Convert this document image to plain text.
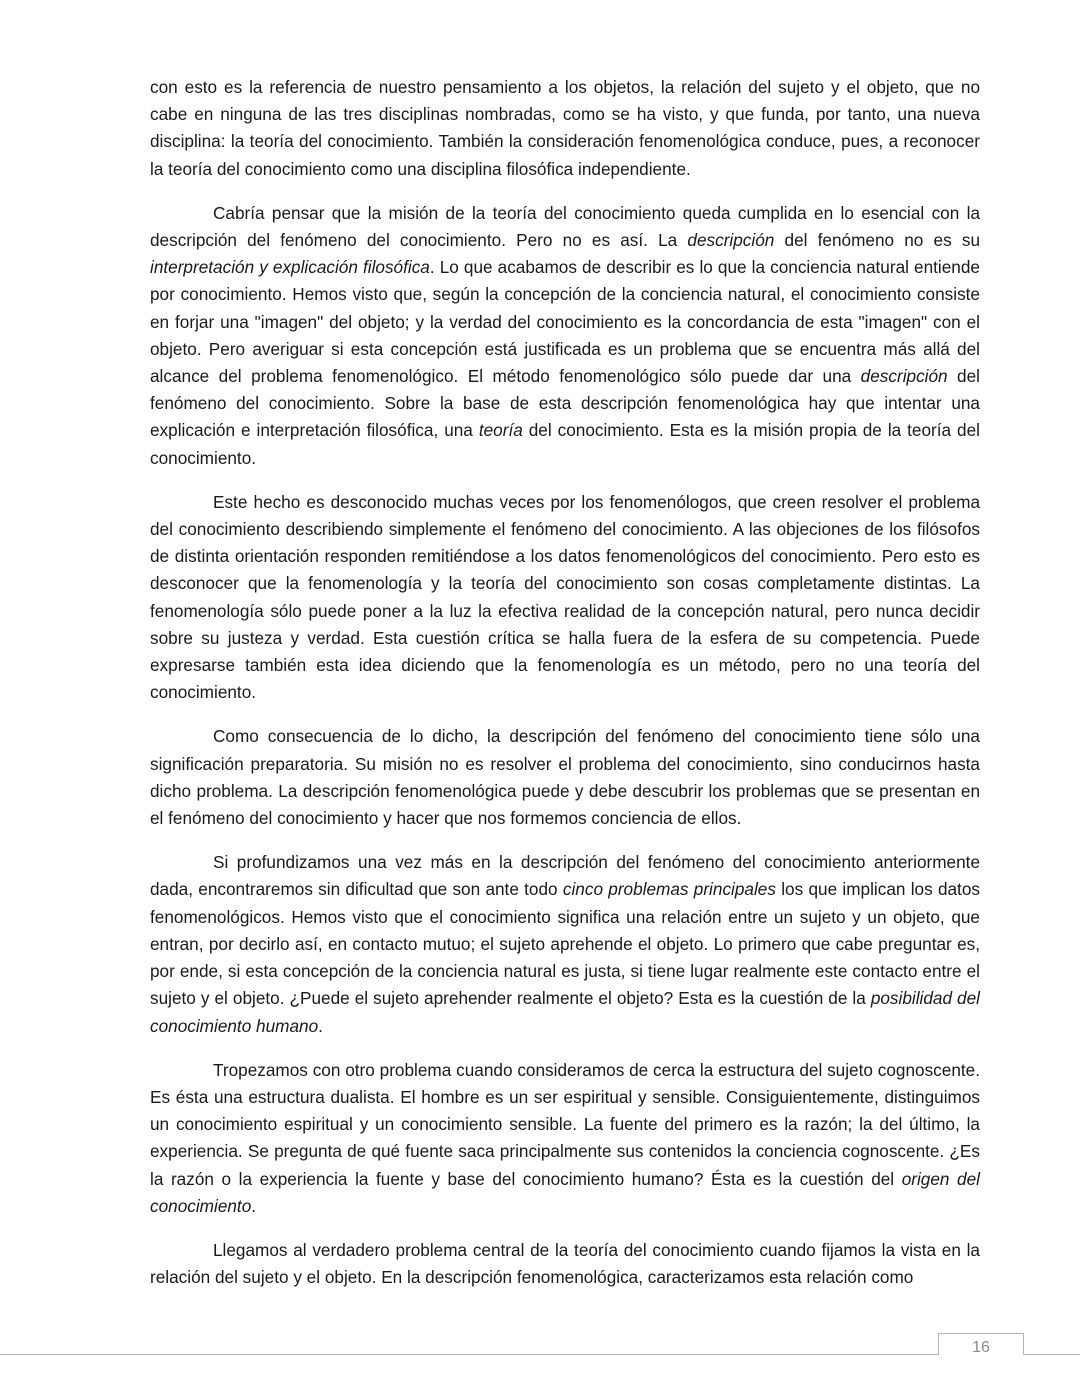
con esto es la referencia de nuestro pensamiento a los objetos, la relación del sujeto y el objeto, que no cabe en ninguna de las tres disciplinas nombradas, como se ha visto, y que funda, por tanto, una nueva disciplina: la teoría del conocimiento. También la consideración fenomenológica conduce, pues, a reconocer la teoría del conocimiento como una disciplina filosófica independiente.

Cabría pensar que la misión de la teoría del conocimiento queda cumplida en lo esencial con la descripción del fenómeno del conocimiento. Pero no es así. La descripción del fenómeno no es su interpretación y explicación filosófica. Lo que acabamos de describir es lo que la conciencia natural entiende por conocimiento. Hemos visto que, según la concepción de la conciencia natural, el conocimiento consiste en forjar una "imagen" del objeto; y la verdad del conocimiento es la concordancia de esta "imagen" con el objeto. Pero averiguar si esta concepción está justificada es un problema que se encuentra más allá del alcance del problema fenomenológico. El método fenomenológico sólo puede dar una descripción del fenómeno del conocimiento. Sobre la base de esta descripción fenomenológica hay que intentar una explicación e interpretación filosófica, una teoría del conocimiento. Esta es la misión propia de la teoría del conocimiento.

Este hecho es desconocido muchas veces por los fenomenólogos, que creen resolver el problema del conocimiento describiendo simplemente el fenómeno del conocimiento. A las objeciones de los filósofos de distinta orientación responden remitiéndose a los datos fenomenológicos del conocimiento. Pero esto es desconocer que la fenomenología y la teoría del conocimiento son cosas completamente distintas. La fenomenología sólo puede poner a la luz la efectiva realidad de la concepción natural, pero nunca decidir sobre su justeza y verdad. Esta cuestión crítica se halla fuera de la esfera de su competencia. Puede expresarse también esta idea diciendo que la fenomenología es un método, pero no una teoría del conocimiento.

Como consecuencia de lo dicho, la descripción del fenómeno del conocimiento tiene sólo una significación preparatoria. Su misión no es resolver el problema del conocimiento, sino conducirnos hasta dicho problema. La descripción fenomenológica puede y debe descubrir los problemas que se presentan en el fenómeno del conocimiento y hacer que nos formemos conciencia de ellos.

Si profundizamos una vez más en la descripción del fenómeno del conocimiento anteriormente dada, encontraremos sin dificultad que son ante todo cinco problemas principales los que implican los datos fenomenológicos. Hemos visto que el conocimiento significa una relación entre un sujeto y un objeto, que entran, por decirlo así, en contacto mutuo; el sujeto aprehende el objeto. Lo primero que cabe preguntar es, por ende, si esta concepción de la conciencia natural es justa, si tiene lugar realmente este contacto entre el sujeto y el objeto. ¿Puede el sujeto aprehender realmente el objeto? Esta es la cuestión de la posibilidad del conocimiento humano.

Tropezamos con otro problema cuando consideramos de cerca la estructura del sujeto cognoscente. Es ésta una estructura dualista. El hombre es un ser espiritual y sensible. Consiguientemente, distinguimos un conocimiento espiritual y un conocimiento sensible. La fuente del primero es la razón; la del último, la experiencia. Se pregunta de qué fuente saca principalmente sus contenidos la conciencia cognoscente. ¿Es la razón o la experiencia la fuente y base del conocimiento humano? Ésta es la cuestión del origen del conocimiento.

Llegamos al verdadero problema central de la teoría del conocimiento cuando fijamos la vista en la relación del sujeto y el objeto. En la descripción fenomenológica, caracterizamos esta relación como

16
